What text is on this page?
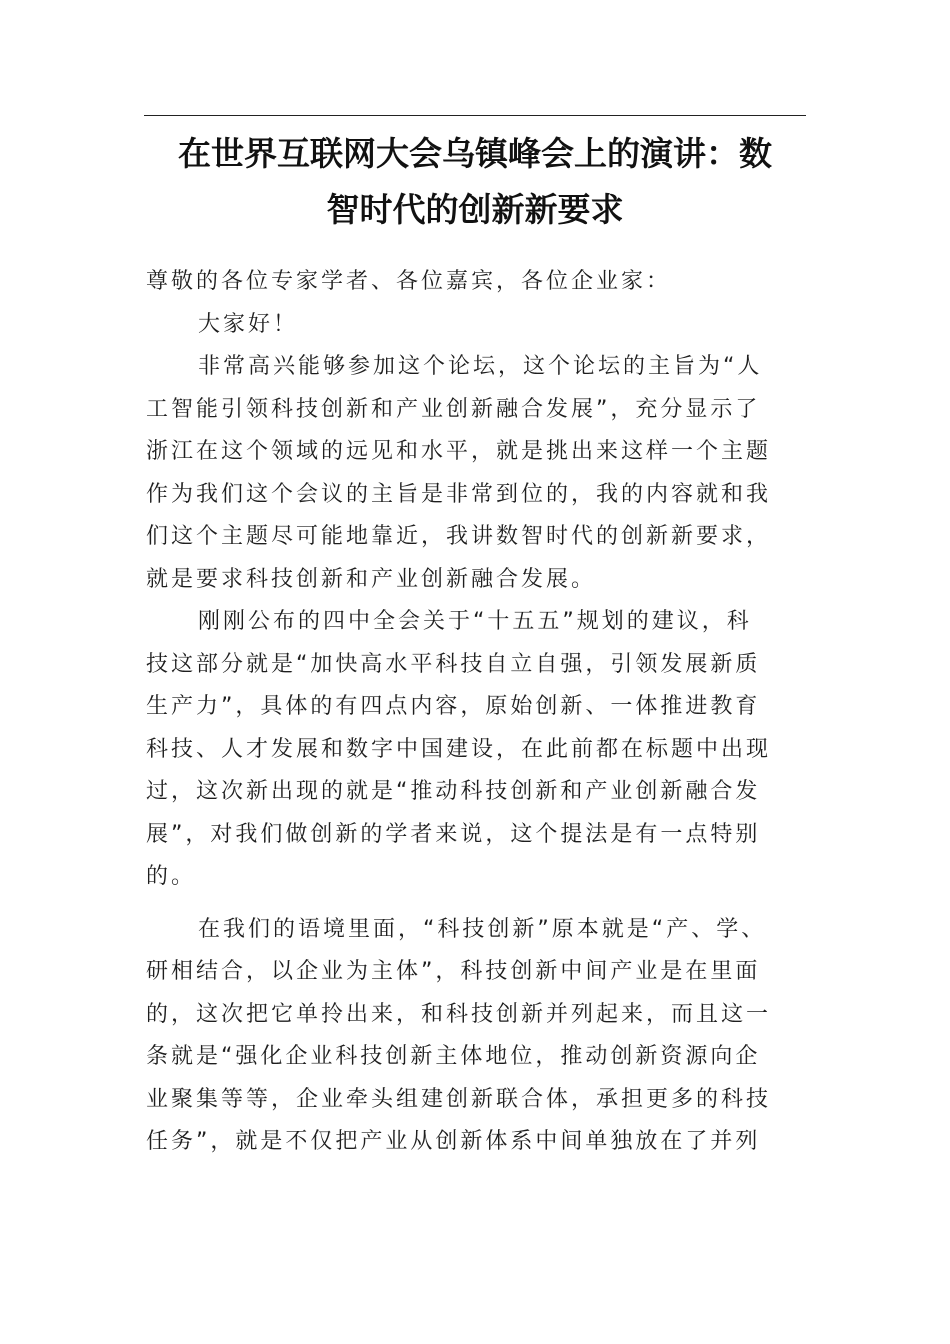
在世界互联网大会乌镇峰会上的演讲：数
智时代的创新新要求
尊敬的各位专家学者、各位嘉宾，各位企业家：
大家好！
非常高兴能够参加这个论坛，这个论坛的主旨为“人
工智能引领科技创新和产业创新融合发展”，充分显示了
浙江在这个领域的远见和水平，就是挑出来这样一个主题
作为我们这个会议的主旨是非常到位的，我的内容就和我
们这个主题尽可能地靠近，我讲数智时代的创新新要求，
就是要求科技创新和产业创新融合发展。
刚刚公布的四中全会关于“十五五”规划的建议，科
技这部分就是“加快高水平科技自立自强，引领发展新质
生产力”，具体的有四点内容，原始创新、一体推进教育
科技、人才发展和数字中国建设，在此前都在标题中出现
过，这次新出现的就是“推动科技创新和产业创新融合发
展”，对我们做创新的学者来说，这个提法是有一点特别
的。
在我们的语境里面，“科技创新”原本就是“产、学、
研相结合，以企业为主体”，科技创新中间产业是在里面
的，这次把它单拎出来，和科技创新并列起来，而且这一
条就是“强化企业科技创新主体地位，推动创新资源向企
业聚集等等，企业牵头组建创新联合体，承担更多的科技
任务”，就是不仅把产业从创新体系中间单独放在了并列
